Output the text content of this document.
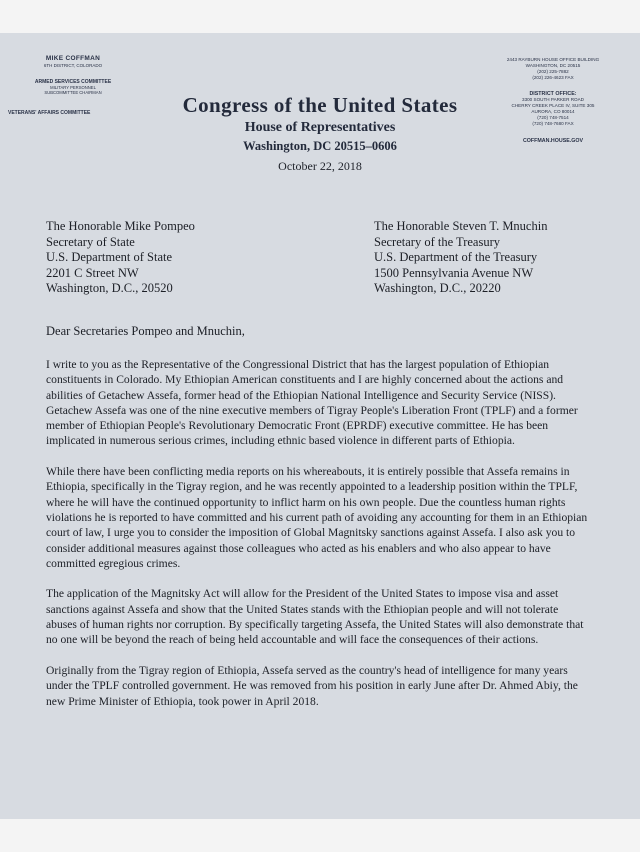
MIKE COFFMAN
6TH DISTRICT, COLORADO
ARMED SERVICES COMMITTEE
MILITARY PERSONNEL
SUBCOMMITTEE CHAIRMAN
VETERANS' AFFAIRS COMMITTEE	Congress of the United States
House of Representatives
Washington, DC 20515–0606
October 22, 2018
2443 RAYBURN HOUSE OFFICE BUILDING
WASHINGTON, DC 20515
(202) 225-7882
(202) 226-4623 FAX
DISTRICT OFFICE:
3300 SOUTH PARKER ROAD
CHERRY CREEK PLACE IV, SUITE 305
AURORA, CO 80014
(720) 748-7514
(720) 748-7680 FAX
COFFMAN.HOUSE.GOV
The Honorable Mike Pompeo
Secretary of State
U.S. Department of State
2201 C Street NW
Washington, D.C., 20520
The Honorable Steven T. Mnuchin
Secretary of the Treasury
U.S. Department of the Treasury
1500 Pennsylvania Avenue NW
Washington, D.C., 20220
Dear Secretaries Pompeo and Mnuchin,

I write to you as the Representative of the Congressional District that has the largest population of Ethiopian constituents in Colorado. My Ethiopian American constituents and I are highly concerned about the actions and abilities of Getachew Assefa, former head of the Ethiopian National Intelligence and Security Service (NISS). Getachew Assefa was one of the nine executive members of Tigray People's Liberation Front (TPLF) and a former member of Ethiopian People's Revolutionary Democratic Front (EPRDF) executive committee. He has been implicated in numerous serious crimes, including ethnic based violence in different parts of Ethiopia.

While there have been conflicting media reports on his whereabouts, it is entirely possible that Assefa remains in Ethiopia, specifically in the Tigray region, and he was recently appointed to a leadership position within the TPLF, where he will have the continued opportunity to inflict harm on his own people. Due the countless human rights violations he is reported to have committed and his current path of avoiding any accounting for them in an Ethiopian court of law, I urge you to consider the imposition of Global Magnitsky sanctions against Assefa. I also ask you to consider additional measures against those colleagues who acted as his enablers and who also appear to have committed egregious crimes.

The application of the Magnitsky Act will allow for the President of the United States to impose visa and asset sanctions against Assefa and show that the United States stands with the Ethiopian people and will not tolerate abuses of human rights nor corruption. By specifically targeting Assefa, the United States will also demonstrate that no one will be beyond the reach of being held accountable and will face the consequences of their actions.

Originally from the Tigray region of Ethiopia, Assefa served as the country's head of intelligence for many years under the TPLF controlled government. He was removed from his position in early June after Dr. Ahmed Abiy, the new Prime Minister of Ethiopia, took power in April 2018.
